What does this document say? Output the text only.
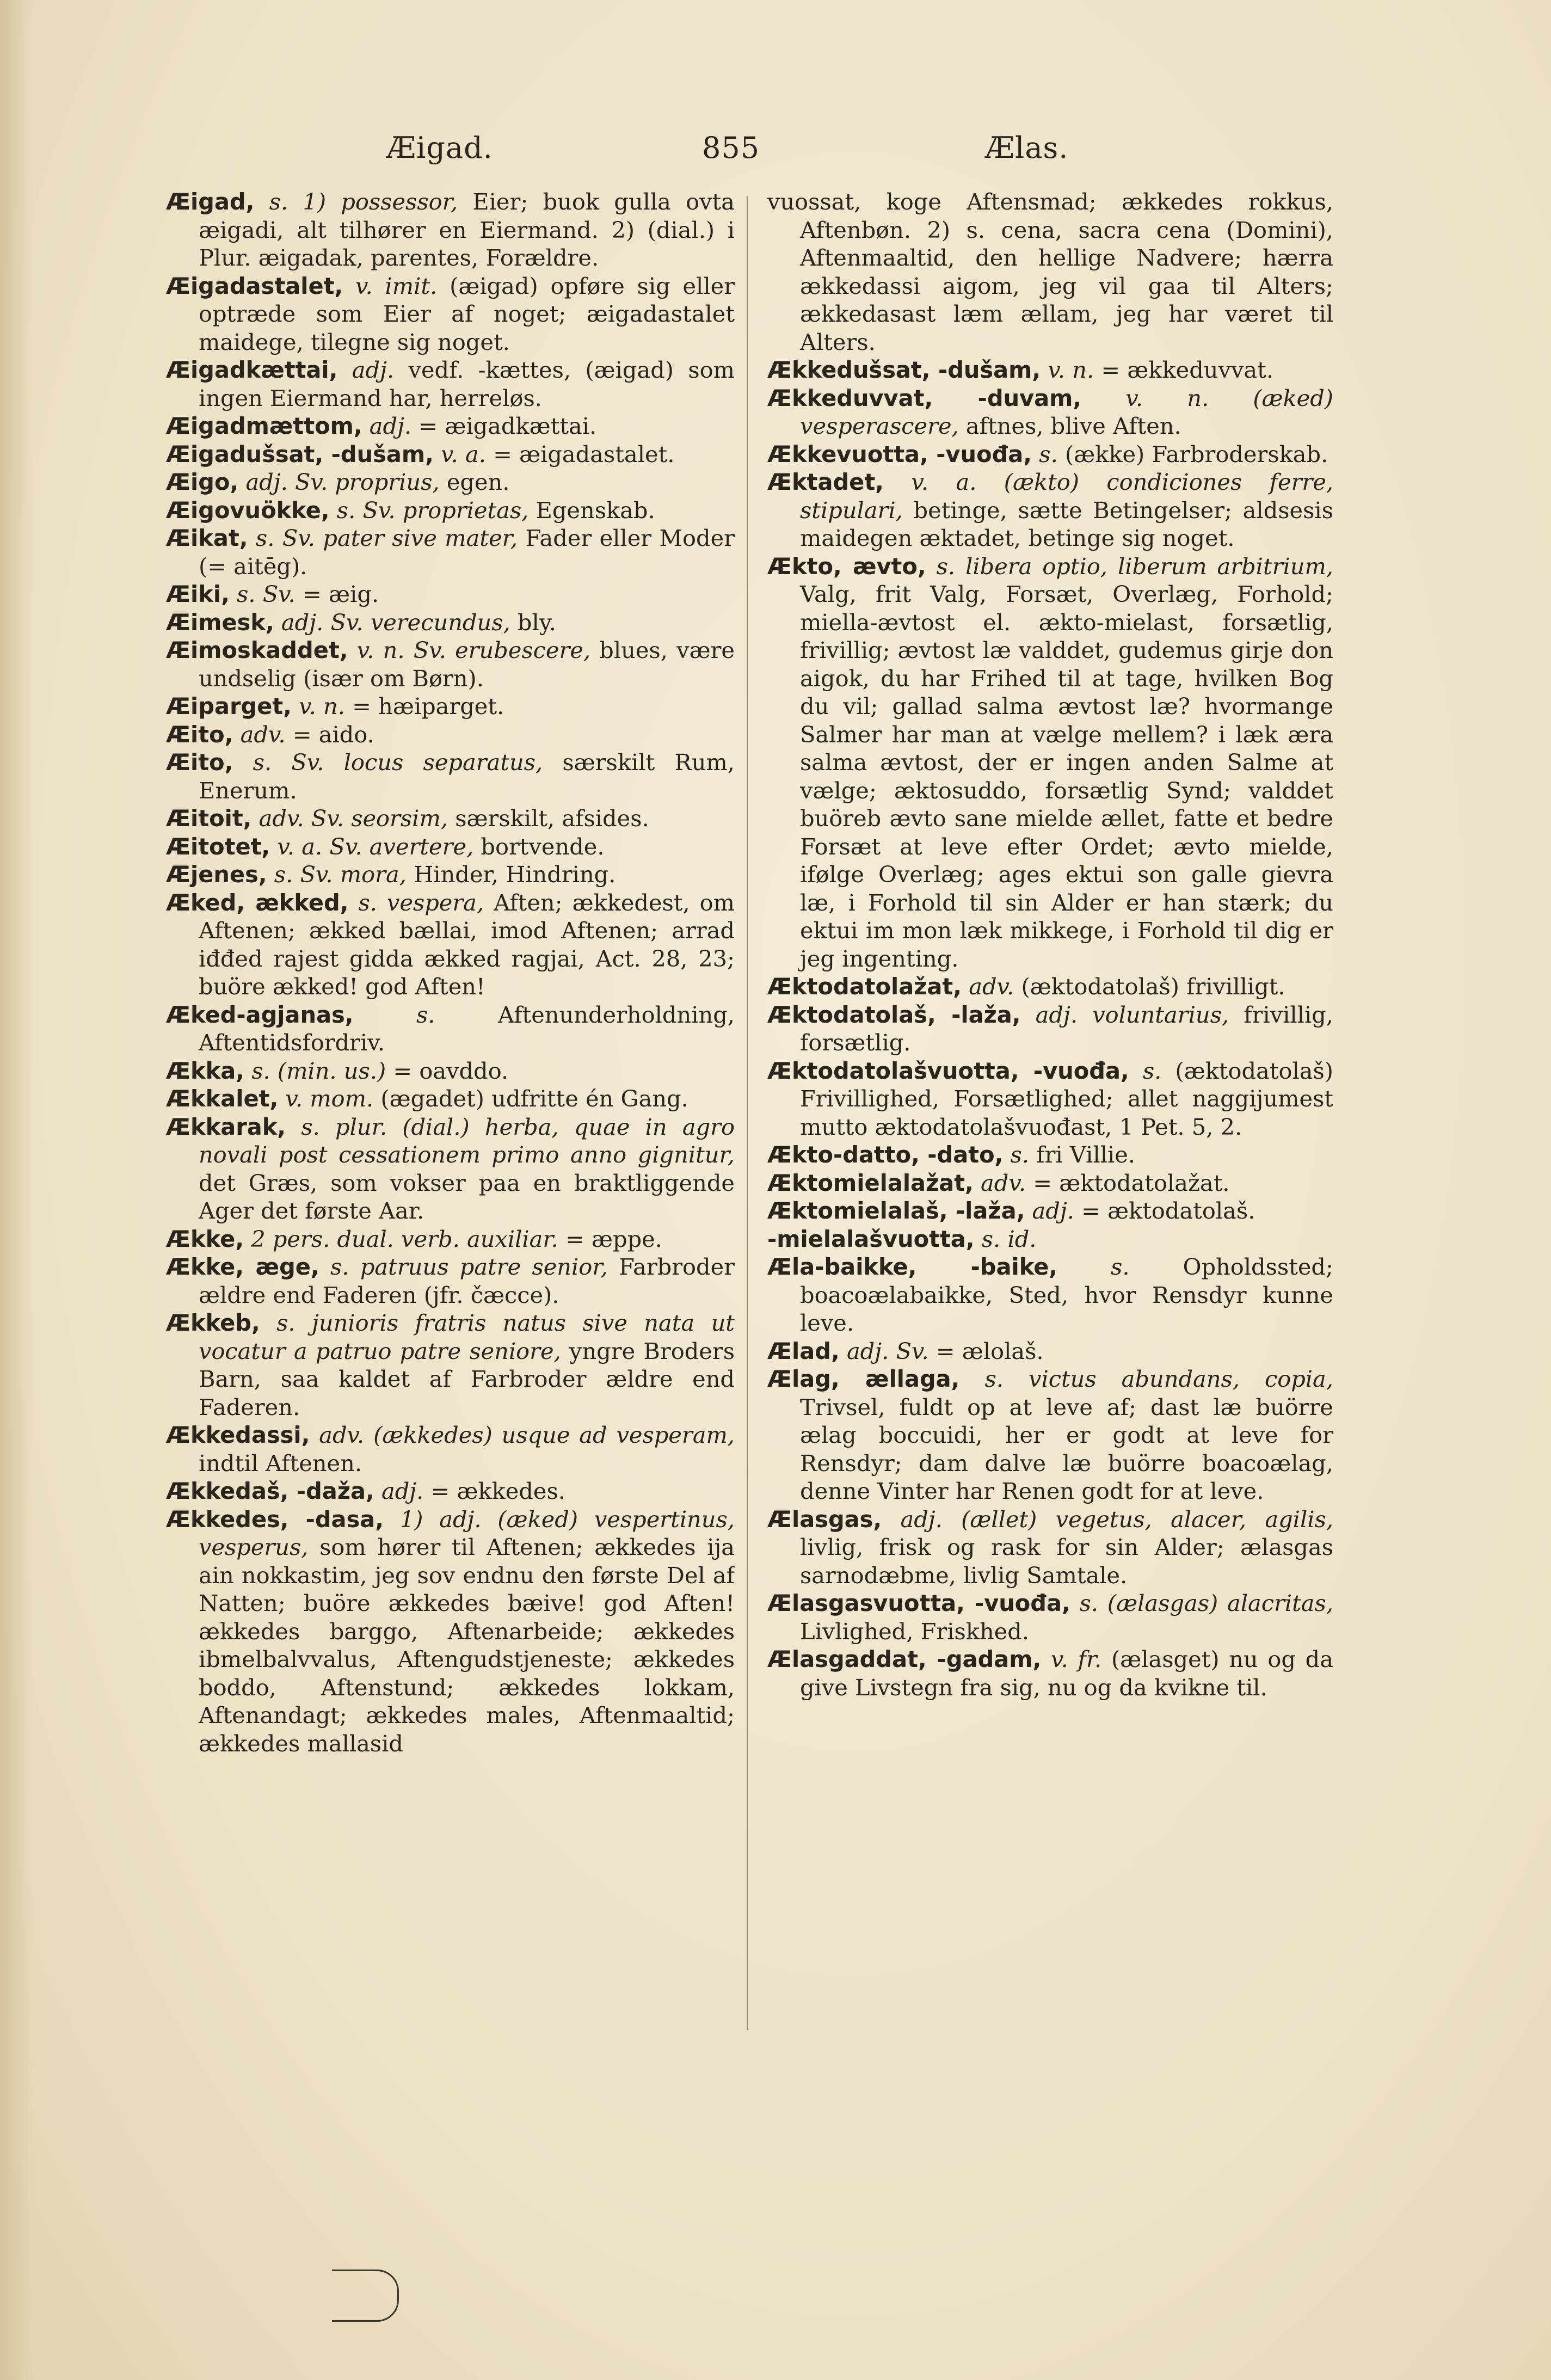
Æigad.	855	Ælas.

Æigad, s. 1) possessor, Eier; buok gulla ovta æigadi, alt tilhører en Eiermand. 2) (dial.) i Plur. æigadak, parentes, Forældre.

Æigadastalet, v. imit. (æigad) opføre sig eller optræde som Eier af noget; æigadastalet maidege, tilegne sig noget.

Æigadkættai, adj. vedf. -kættes, (æigad) som ingen Eiermand har, herreløs.

Æigadmættom, adj. = æigadkættai.

Æigadušsat, -dušam, v. a. = æigadastalet.

Æigo, adj. Sv. proprius, egen.

Æigovuökke, s. Sv. proprietas, Egenskab.

Æikat, s. Sv. pater sive mater, Fader eller Moder (= aitēg).

Æiki, s. Sv. = æig.

Æimesk, adj. Sv. verecundus, bly.

Æimoskaddet, v. n. Sv. erubescere, blues, være undselig (især om Børn).

Æiparget, v. n. = hæiparget.

Æito, adv. = aido.

Æito, s. Sv. locus separatus, særskilt Rum, Enerum.

Æitoit, adv. Sv. seorsim, særskilt, afsides.

Æitotet, v. a. Sv. avertere, bortvende.

Æjenes, s. Sv. mora, Hinder, Hindring.

Æked, ækked, s. vespera, Aften; ækkedest, om Aftenen; ækked bællai, imod Aftenen; arrad iđđed rajest gidda ækked ragjai, Act. 28, 23; buöre ækked! god Aften!

Æked-agjanas,	s.	Aftenunderholdning, Aftentidsfordriv.

Ækka, s. (min. us.) = oavddo.

Ækkalet, v. mom. (ægadet) udfritte én Gang.

Ækkarak, s. plur. (dial.) herba, quae in agro novali post cessationem primo anno gignitur, det Græs, som vokser paa en braktliggende Ager det første Aar.

Ække, 2 pers. dual. verb. auxiliar. = æppe.

Ække, æge, s. patruus patre senior, Farbroder ældre end Faderen (jfr. čæcce).

Ækkeb, s. junioris fratris natus sive nata ut vocatur a patruo patre seniore, yngre Broders Barn, saa kaldet af Farbroder ældre end Faderen.

Ækkedassi, adv. (ækkedes) usque ad vesperam, indtil Aftenen.

Ækkedaš, -daža, adj. = ækkedes.

Ækkedes, -dasa, 1) adj. (æked) vespertinus, vesperus, som hører til Aftenen; ækkedes ija ain nokkastim, jeg sov endnu den første Del af Natten; buöre ækkedes bæive! god Aften! ækkedes barggo, Aftenarbeide; ækkedes ibmelbalvvalus, Aftengudstjeneste; ækkedes boddo, Aftenstund; ækkedes lokkam, Aftenandagt; ækkedes males, Aftenmaaltid; ækkedes mallasid

vuossat, koge Aftensmad; ækkedes rokkus, Aftenbøn. 2) s. cena, sacra cena (Domini), Aftenmaaltid, den hellige Nadvere; hærra ækkedassi aigom, jeg vil gaa til Alters; ækkedasast læm ællam, jeg har været til Alters.

Ækkedušsat, -dušam, v. n. = ækkeduvvat.

Ækkeduvvat, -duvam, v. n. (æked) vesperascere, aftnes, blive Aften.

Ækkevuotta, -vuođa, s. (ække) Farbroderskab.

Æktadet, v. a. (ækto) condiciones ferre, stipulari, betinge, sætte Betingelser; aldsesis maidegen æktadet, betinge sig noget.

Ækto, ævto, s. libera optio, liberum arbitrium, Valg, frit Valg, Forsæt, Overlæg, Forhold; miella-ævtost el. ækto-mielast, forsætlig, frivillig; ævtost læ valddet, gudemus girje don aigok, du har Frihed til at tage, hvilken Bog du vil; gallad salma ævtost læ? hvormange Salmer har man at vælge mellem? i læk æra salma ævtost, der er ingen anden Salme at vælge; æktosuddo, forsætlig Synd; valddet buöreb ævto sane mielde ællet, fatte et bedre Forsæt at leve efter Ordet; ævto mielde, ifølge Overlæg; ages ektui son galle gievra læ, i Forhold til sin Alder er han stærk; du ektui im mon læk mikkege, i Forhold til dig er jeg ingenting.

Æktodatolažat, adv. (æktodatolaš) frivilligt.

Æktodatolaš, -laža, adj. voluntarius, frivillig, forsætlig.

Æktodatolašvuotta, -vuođa, s. (æktodatolaš) Frivillighed, Forsætlighed; allet naggijumest mutto æktodatolašvuođast, 1 Pet. 5, 2.

Ækto-datto, -dato, s. fri Villie.

Æktomielalažat, adv. = æktodatolažat.

Æktomielalaš, -laža, adj. = æktodatolaš.

-mielalašvuotta, s. id.

Æla-baikke, -baike, s. Opholdssted; boacoælabaikke, Sted, hvor Rensdyr kunne leve.

Ælad, adj. Sv. = ælolaš.

Ælag, ællaga, s. victus abundans, copia, Trivsel, fuldt op at leve af; dast læ buörre ælag boccuidi, her er godt at leve for Rensdyr; dam dalve læ buörre boacoælag, denne Vinter har Renen godt for at leve.

Ælasgas, adj. (ællet) vegetus, alacer, agilis, livlig, frisk og rask for sin Alder; ælasgas sarnodæbme, livlig Samtale.

Ælasgasvuotta, -vuođa, s. (ælasgas) alacritas, Livlighed, Friskhed.

Ælasgaddat, -gadam, v. fr. (ælasget) nu og da give Livstegn fra sig, nu og da kvikne til.
